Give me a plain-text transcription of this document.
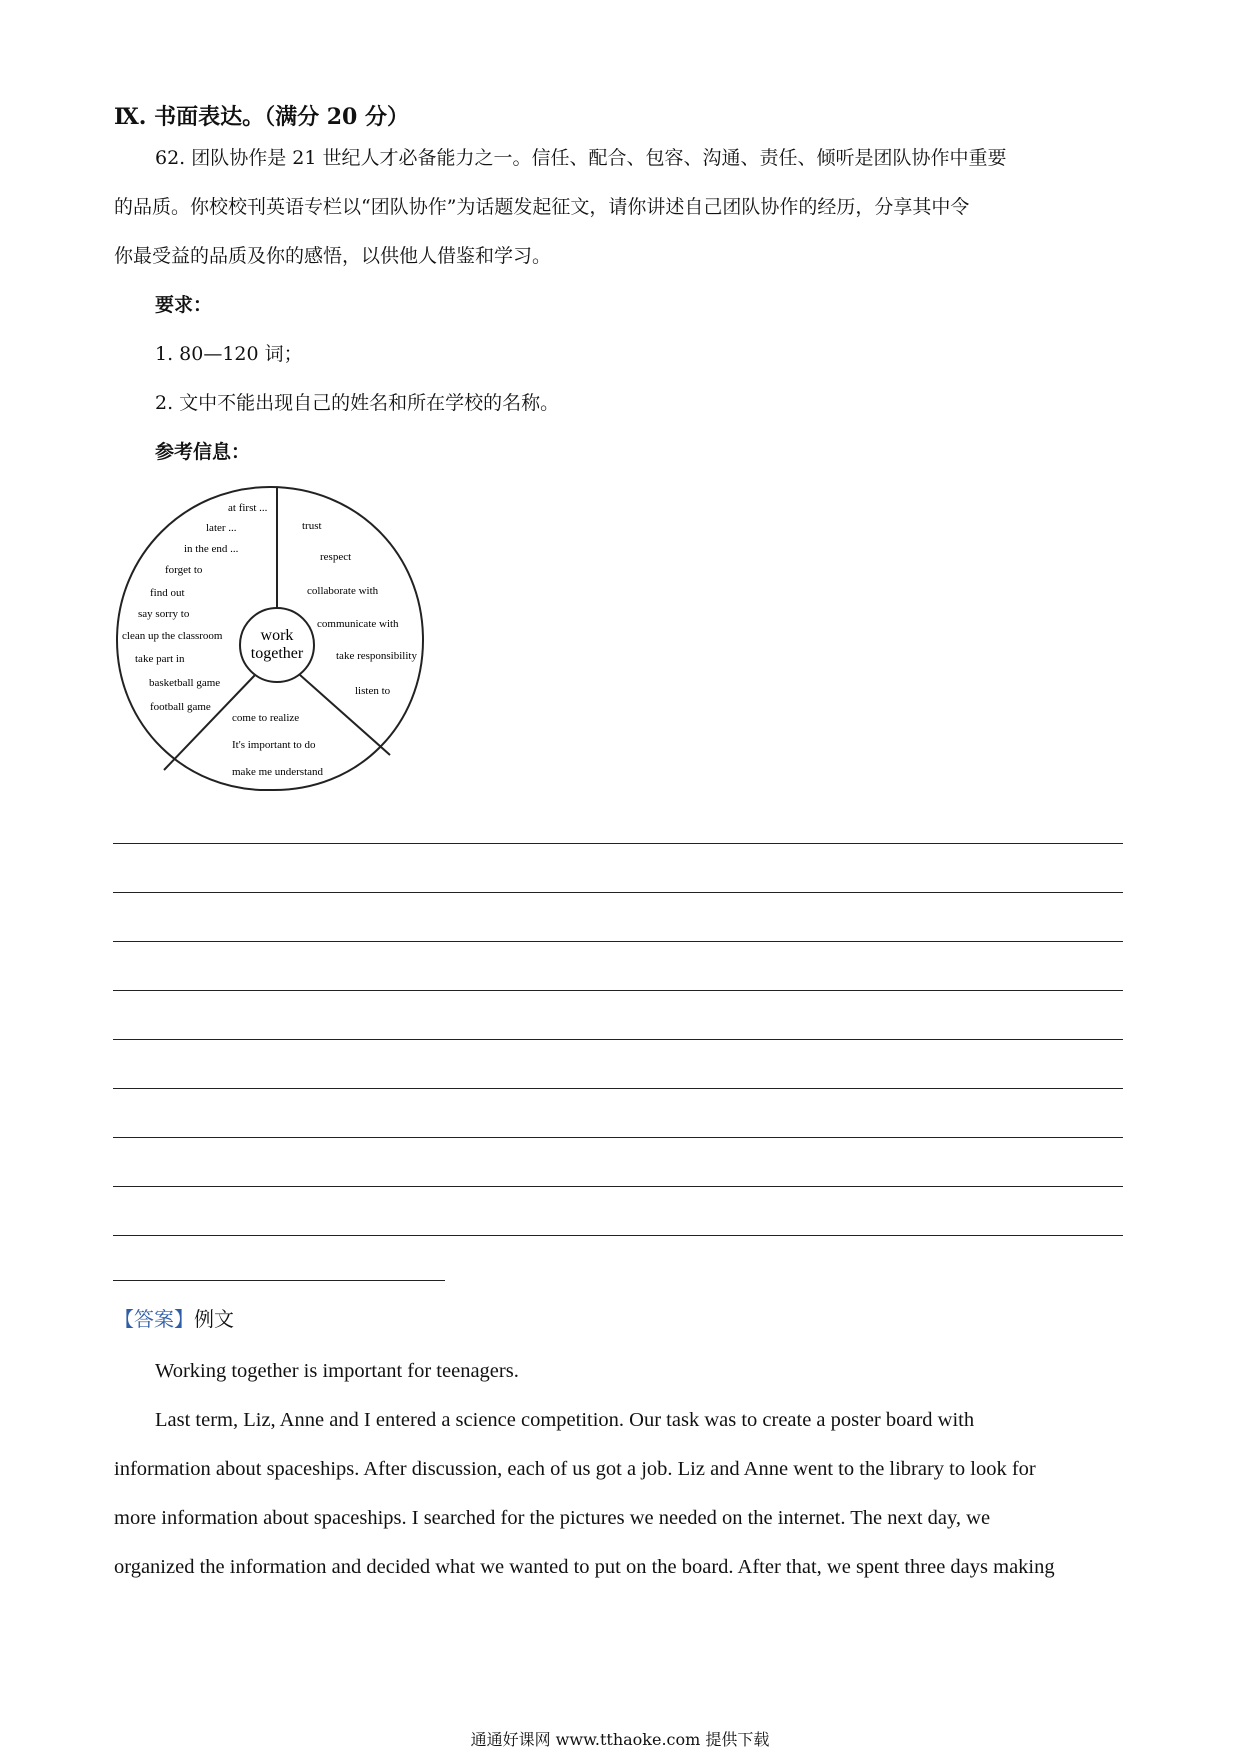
Ⅸ. 书面表达。（满分 20 分）
62. 团队协作是 21 世纪人才必备能力之一。信任、配合、包容、沟通、责任、倾听是团队协作中重要
的品质。你校校刊英语专栏以“团队协作”为话题发起征文，请你讲述自己团队协作的经历，分享其中令
你最受益的品质及你的感悟，以供他人借鉴和学习。
要求：
1. 80—120 词；
2. 文中不能出现自己的姓名和所在学校的名称。
参考信息：
work
together
at first ...
later ...
in the end ...
forget to
find out
say sorry to
clean up the classroom
take part in
basketball game
football game
trust
respect
collaborate with
communicate with
take responsibility
listen to
come to realize
It's important to do
make me understand
【答案】例文
Working together is important for teenagers.
Last term, Liz, Anne and I entered a science competition. Our task was to create a poster board with
information about spaceships. After discussion, each of us got a job. Liz and Anne went to the library to look for
more information about spaceships. I searched for the pictures we needed on the internet. The next day, we
organized the information and decided what we wanted to put on the board. After that, we spent three days making
通通好课网 www.tthaoke.com 提供下载
